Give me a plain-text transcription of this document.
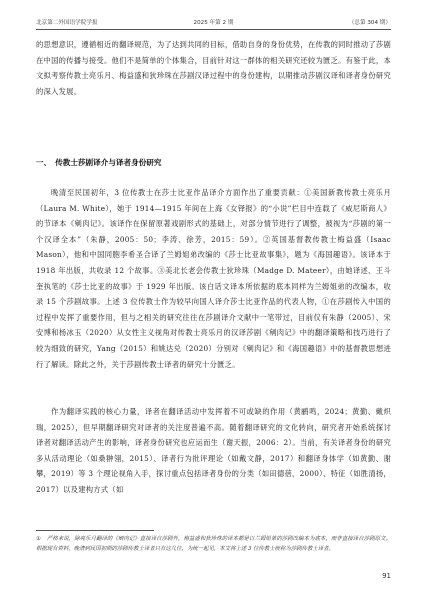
北京第二外国语学院学报	2025 年第 2 期	（总第 304 期）

的思想意识，遵循相近的翻译规范，为了达到共同的目标，借助自身的身份优势，在传教的同时推动了莎剧在中国的传播与接受。他们不是简单的个体集合，目前针对这一群体的相关研究还较为匮乏。有鉴于此，本文拟考察传教士亮乐月、梅益盛和狄珍珠在莎剧汉译过程中的身份建构，以期推动莎剧汉译和译者身份研究的深入发展。

一、 传教士莎剧译介与译者身份研究

晚清至民国初年，3 位传教士在莎士比亚作品译介方面作出了重要贡献：①美国新教传教士亮乐月（Laura M. White），她于 1914—1915 年间在上海《女铎报》的“小说”栏目中连载了《威尼斯商人》的节译本《剜肉记》。该译作在保留原著戏剧形式的基础上，对部分情节进行了调整，被视为“莎剧的第一个汉译全本”（朱静，2005：50；李涛、徐芳，2015：59）。②英国基督教传教士梅益盛（Isaac Mason），他和中国同胞李希圣合译了兰姆姐弟改编的《莎士比亚故事集》，题为《海国趣语》。该译本于 1918 年出版，共收录 12 个故事。③美北长老会传教士狄珍珠（Madge D. Mateer），由她译述、王斗奎执笔的《莎士比亚的故事》于 1929 年出版。该白话文译本所依据的底本同样为兰姆姐弟的改编本，收录 15 个莎剧故事。上述 3 位传教士作为较早向国人译介莎士比亚作品的代表人物，①在莎剧传入中国的过程中发挥了重要作用，但与之相关的研究往往在莎剧译介文献中一笔带过，目前仅有朱静（2005）、宋安博和杨冰玉（2020）从女性主义视角对传教士亮乐月的汉译莎剧《剜肉记》中的翻译策略和技巧进行了较为细致的研究，Yang（2015）和姚达兑（2020）分别对《剜肉记》和《海国趣语》中的基督教思想进行了解读。除此之外，关于莎剧传教士译者的研究十分匮乏。

作为翻译实践的核心力量，译者在翻译活动中发挥着不可或缺的作用（黄鹂鸣，2024；黄勤、戴炽瑞，2025），但早期翻译研究对译者的关注度普遍不高。随着翻译研究的文化转向，研究者开始系统探讨译者对翻译活动产生的影响，译者身份研究也应运而生（谢天振，2006：2）。当前，有关译者身份的研究多从活动理论（如桑翀翎，2015）、译者行为批评理论（如戴文静，2017）和翻译身体学（如黄勤、谢攀，2019）等 3 个理论视角入手，探讨重点包括译者身份的分类（如田德蓓，2000）、特征（如胜清扬，2017）以及建构方式（如

① 严格来说，除亮乐月翻译的《剜肉记》直接译自莎剧外，梅益盛和狄珍珠的译本都是以兰姆姐弟的莎剧改编本为底本，而非直接译自莎剧原文。根据现有资料，晚清到民国初期的莎剧传教士译者只有这几位，为统一起见，本文将上述 3 位传教士统称为莎剧传教士译者。

91
